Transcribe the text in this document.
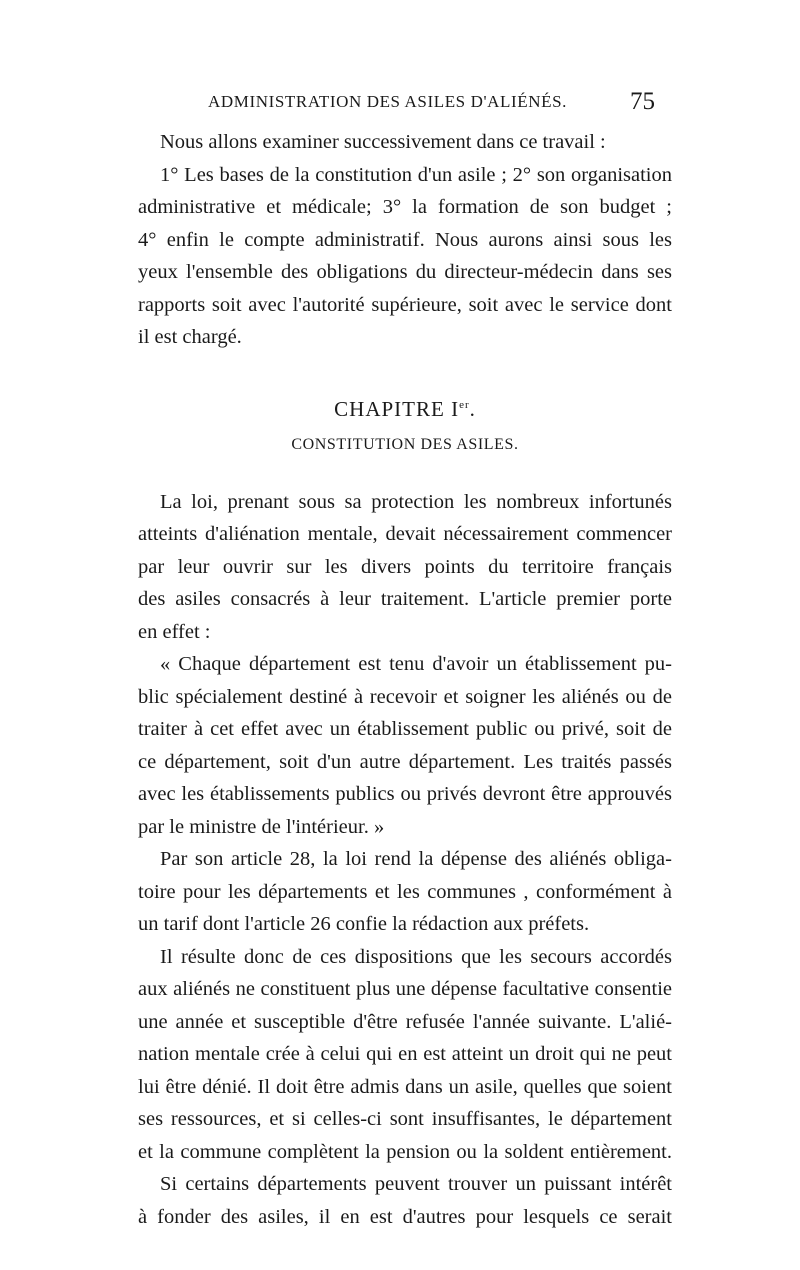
ADMINISTRATION DES ASILES D'ALIÉNÉS.	75
Nous allons examiner successivement dans ce travail :
1° Les bases de la constitution d'un asile ; 2° son organisation
administrative et médicale; 3° la formation de son budget ;
4° enfin le compte administratif. Nous aurons ainsi sous les
yeux l'ensemble des obligations du directeur-médecin dans ses
rapports soit avec l'autorité supérieure, soit avec le service dont
il est chargé.
CHAPITRE Ier.
CONSTITUTION DES ASILES.
La loi, prenant sous sa protection les nombreux infortunés
atteints d'aliénation mentale, devait nécessairement commencer
par leur ouvrir sur les divers points du territoire français
des asiles consacrés à leur traitement. L'article premier porte
en effet :
« Chaque département est tenu d'avoir un établissement pu-
blic spécialement destiné à recevoir et soigner les aliénés ou de
traiter à cet effet avec un établissement public ou privé, soit de
ce département, soit d'un autre département. Les traités passés
avec les établissements publics ou privés devront être approuvés
par le ministre de l'intérieur. »
Par son article 28, la loi rend la dépense des aliénés obliga-
toire pour les départements et les communes , conformément à
un tarif dont l'article 26 confie la rédaction aux préfets.
Il résulte donc de ces dispositions que les secours accordés
aux aliénés ne constituent plus une dépense facultative consentie
une année et susceptible d'être refusée l'année suivante. L'alié-
nation mentale crée à celui qui en est atteint un droit qui ne peut
lui être dénié. Il doit être admis dans un asile, quelles que soient
ses ressources, et si celles-ci sont insuffisantes, le département
et la commune complètent la pension ou la soldent entièrement.
Si certains départements peuvent trouver un puissant intérêt
à fonder des asiles, il en est d'autres pour lesquels ce serait
